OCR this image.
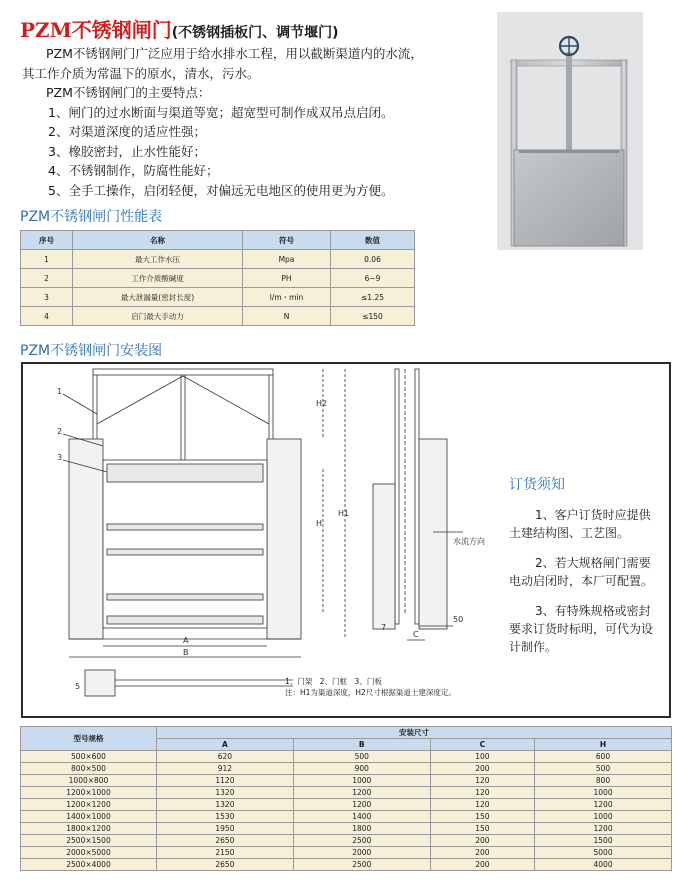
PZM不锈钢闸门(不锈钢插板门、调节堰门)

PZM不锈钢闸门广泛应用于给水排水工程，用以截断渠道内的水流，其工作介质为常温下的原水，清水，污水。

PZM不锈钢闸门的主要特点：

1、闸门的过水断面与渠道等宽；超宽型可制作成双吊点启闭。
2、对渠道深度的适应性强；
3、橡胶密封，止水性能好；
4、不锈钢制作，防腐性能好；
5、全手工操作，启闭轻便，对偏远无电地区的使用更为方便。
PZM不锈钢闸门性能表
序号	名称	符号	数值
1	最大工作水压	Mpa	0.06
2	工作介质酸碱度	PH	6~9
3	最大泄漏量(密封长度)	l/m・min	≤1.25
4	启门最大手动力	N	≤150
PZM不锈钢闸门安装图
1
2
3
H2
H
H1
A
B
C
7
50
5
水流方向
订货须知

1、客户订货时应提供土建结构图、工艺图。

2、若大规格闸门需要电动启闭时，本厂可配置。

3、有特殊规格或密封要求订货时标明，可代为设计制作。

1、门架　2、门框　3、门板
注：H1为渠道深度，H2尺寸根据渠道土建深度定。
型号规格	安装尺寸			
	A	B	C	H
500×600	620	500	100	600
800×500	912	900	200	500
1000×800	1120	1000	120	800
1200×1000	1320	1200	120	1000
1200×1200	1320	1200	120	1200
1400×1000	1530	1400	150	1000
1800×1200	1950	1800	150	1200
2500×1500	2650	2500	200	1500
2000×5000	2150	2000	200	5000
2500×4000	2650	2500	200	4000
